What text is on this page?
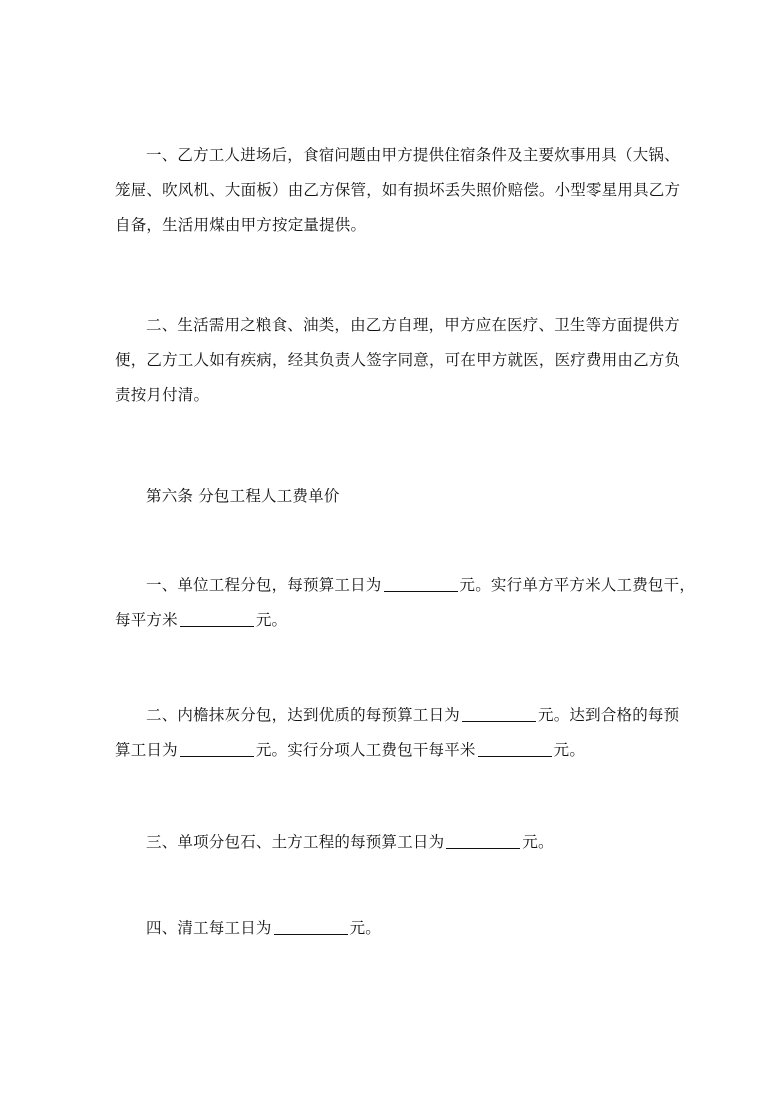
一、乙方工人进场后，食宿问题由甲方提供住宿条件及主要炊事用具（大锅、
笼屉、吹风机、大面板）由乙方保管，如有损坏丢失照价赔偿。小型零星用具乙方
自备，生活用煤由甲方按定量提供。
二、生活需用之粮食、油类，由乙方自理，甲方应在医疗、卫生等方面提供方
便，乙方工人如有疾病，经其负责人签字同意，可在甲方就医，医疗费用由乙方负
责按月付清。
第六条 分包工程人工费单价
一、单位工程分包，每预算工日为	元。实行单方平方米人工费包干，
每平方米	元。
二、内檐抹灰分包，达到优质的每预算工日为	元。达到合格的每预
算工日为	元。实行分项人工费包干每平米	元。
三、单项分包石、土方工程的每预算工日为	元。
四、清工每工日为	元。
